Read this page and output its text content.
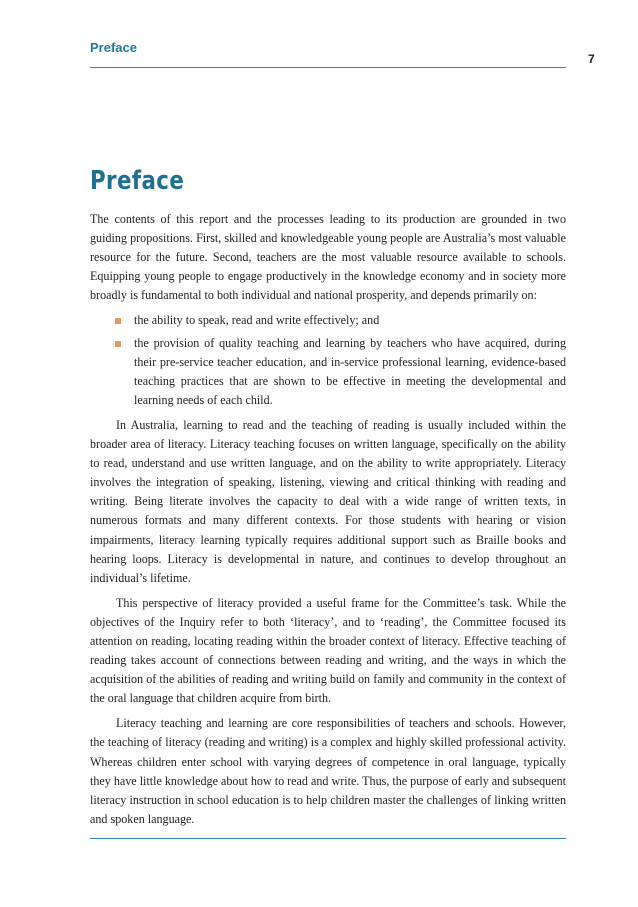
Preface
7
Preface

The contents of this report and the processes leading to its production are grounded in two guiding propositions. First, skilled and knowledgeable young people are Australia’s most valuable resource for the future. Second, teachers are the most valuable resource available to schools. Equipping young people to engage productively in the knowledge economy and in society more broadly is fundamental to both individual and national prosperity, and depends primarily on:

the ability to speak, read and write effectively; and
the provision of quality teaching and learning by teachers who have acquired, during their pre-service teacher education, and in-service professional learning, evidence-based teaching practices that are shown to be effective in meeting the developmental and learning needs of each child.

In Australia, learning to read and the teaching of reading is usually included within the broader area of literacy. Literacy teaching focuses on written language, specifically on the ability to read, understand and use written language, and on the ability to write appropriately. Literacy involves the integration of speaking, listening, viewing and critical thinking with reading and writing. Being literate involves the capacity to deal with a wide range of written texts, in numerous formats and many different contexts. For those students with hearing or vision impairments, literacy learning typically requires additional support such as Braille books and hearing loops. Literacy is developmental in nature, and continues to develop throughout an individual’s lifetime.

This perspective of literacy provided a useful frame for the Committee’s task. While the objectives of the Inquiry refer to both ‘literacy’, and to ‘reading’, the Committee focused its attention on reading, locating reading within the broader context of literacy. Effective teaching of reading takes account of connections between reading and writing, and the ways in which the acquisition of the abilities of reading and writing build on family and community in the context of the oral language that children acquire from birth.

Literacy teaching and learning are core responsibilities of teachers and schools. However, the teaching of literacy (reading and writing) is a complex and highly skilled professional activity. Whereas children enter school with varying degrees of competence in oral language, typically they have little knowledge about how to read and write. Thus, the purpose of early and subsequent literacy instruction in school education is to help children master the challenges of linking written and spoken language.
